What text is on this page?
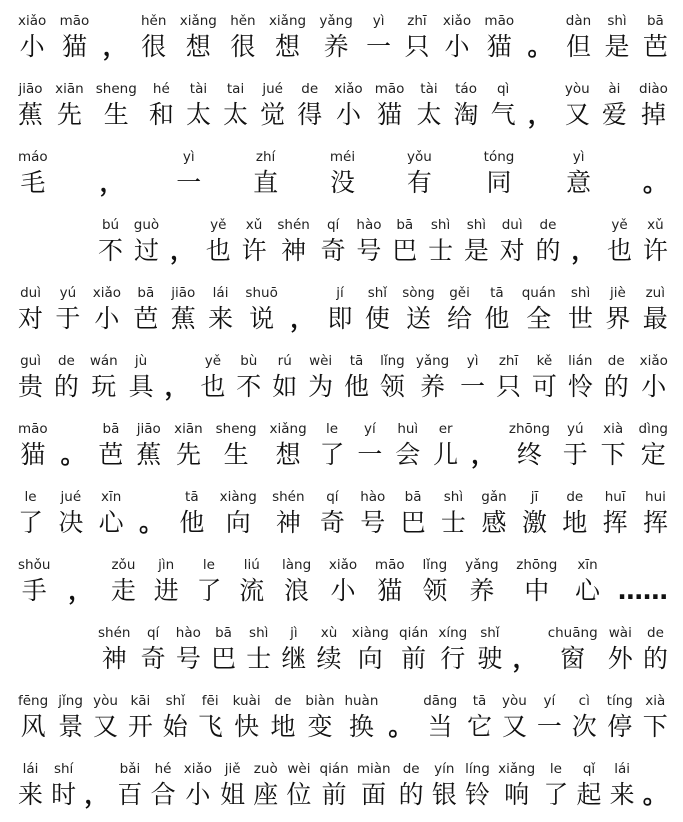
xiǎo
小
māo
猫 ，
hěn
很
xiǎng
想
hěn
很
xiǎng
想
yǎng
养
yì
一
zhī
只
xiǎo
小
māo
猫 。
dàn
但
shì
是
bā
芭
jiāo
蕉
xiān
先
sheng
生
hé
和
tài
太
tai
太
jué
觉
de
得
xiǎo
小
māo
猫
tài
太
táo
淘
qì
气 ，
yòu
又
ài
爱
diào
掉
máo
毛 ，
yì
一
zhí
直
méi
没
yǒu
有
tóng
同
yì
意 。
bú
不
guò
过 ，
yě
也
xǔ
许
shén
神
qí
奇
hào
号
bā
巴
shì
士
shì
是
duì
对
de
的 ，
yě
也
xǔ
许
duì
对
yú
于
xiǎo
小
bā
芭
jiāo
蕉
lái
来
shuō
说 ，
jí
即
shǐ
使
sòng
送
gěi
给
tā
他
quán
全
shì
世
jiè
界
zuì
最
guì
贵
de
的
wán
玩
jù
具 ，
yě
也
bù
不
rú
如
wèi
为
tā
他
lǐng
领
yǎng
养
yì
一
zhī
只
kě
可
lián
怜
de
的
xiǎo
小
māo
猫 。
bā
芭
jiāo
蕉
xiān
先
sheng
生
xiǎng
想
le
了
yí
一
huì
会
er
儿 ，
zhōng
终
yú
于
xià
下
dìng
定
le
了
jué
决
xīn
心 。
tā
他
xiàng
向
shén
神
qí
奇
hào
号
bā
巴
shì
士
gǎn
感
jī
激
de
地
huī
挥
hui
挥
shǒu
手 ，
zǒu
走
jìn
进
le
了
liú
流
làng
浪
xiǎo
小
māo
猫
lǐng
领
yǎng
养
zhōng
中
xīn
心 ……
shén
神
qí
奇
hào
号
bā
巴
shì
士
jì
继
xù
续
xiàng
向
qián
前
xíng
行
shǐ
驶 ，
chuāng
窗
wài
外
de
的
fēng
风
jǐng
景
yòu
又
kāi
开
shǐ
始
fēi
飞
kuài
快
de
地
biàn
变
huàn
换 。
dāng
当
tā
它
yòu
又
yí
一
cì
次
tíng
停
xià
下
lái
来
shí
时 ，
bǎi
百
hé
合
xiǎo
小
jiě
姐
zuò
座
wèi
位
qián
前
miàn
面
de
的
yín
银
líng
铃
xiǎng
响
le
了
qǐ
起
lái
来 。
